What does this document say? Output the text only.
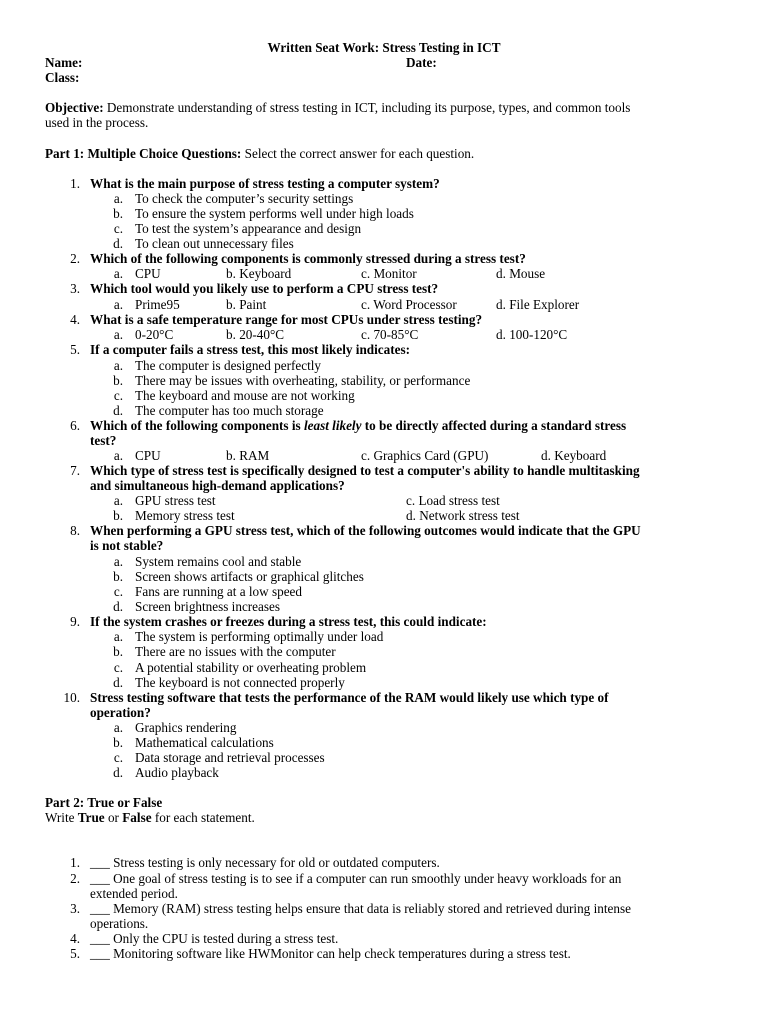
Written Seat Work: Stress Testing in ICT
Name:	Date:
Class:
Objective: Demonstrate understanding of stress testing in ICT, including its purpose, types, and common tools
used in the process.
Part 1: Multiple Choice Questions: Select the correct answer for each question.
1. What is the main purpose of stress testing a computer system?
a. To check the computer’s security settings
b. To ensure the system performs well under high loads
c. To test the system’s appearance and design
d. To clean out unnecessary files
2. Which of the following components is commonly stressed during a stress test?
a. CPU	b. Keyboard	c. Monitor	d. Mouse
3. Which tool would you likely use to perform a CPU stress test?
a. Prime95	b. Paint	c. Word Processor	d. File Explorer
4. What is a safe temperature range for most CPUs under stress testing?
a. 0-20°C	b. 20-40°C	c. 70-85°C	d. 100-120°C
5. If a computer fails a stress test, this most likely indicates:
a. The computer is designed perfectly
b. There may be issues with overheating, stability, or performance
c. The keyboard and mouse are not working
d. The computer has too much storage
6. Which of the following components is least likely to be directly affected during a standard stress
test?
a. CPU	b. RAM	c. Graphics Card (GPU)	d. Keyboard
7. Which type of stress test is specifically designed to test a computer's ability to handle multitasking
and simultaneous high-demand applications?
a. GPU stress test	c. Load stress test
b. Memory stress test	d. Network stress test
8. When performing a GPU stress test, which of the following outcomes would indicate that the GPU
is not stable?
a. System remains cool and stable
b. Screen shows artifacts or graphical glitches
c. Fans are running at a low speed
d. Screen brightness increases
9. If the system crashes or freezes during a stress test, this could indicate:
a. The system is performing optimally under load
b. There are no issues with the computer
c. A potential stability or overheating problem
d. The keyboard is not connected properly
10. Stress testing software that tests the performance of the RAM would likely use which type of
operation?
a. Graphics rendering
b. Mathematical calculations
c. Data storage and retrieval processes
d. Audio playback
Part 2: True or False
Write True or False for each statement.
1. ___ Stress testing is only necessary for old or outdated computers.
2. ___ One goal of stress testing is to see if a computer can run smoothly under heavy workloads for an
extended period.
3. ___ Memory (RAM) stress testing helps ensure that data is reliably stored and retrieved during intense
operations.
4. ___ Only the CPU is tested during a stress test.
5. ___ Monitoring software like HWMonitor can help check temperatures during a stress test.
